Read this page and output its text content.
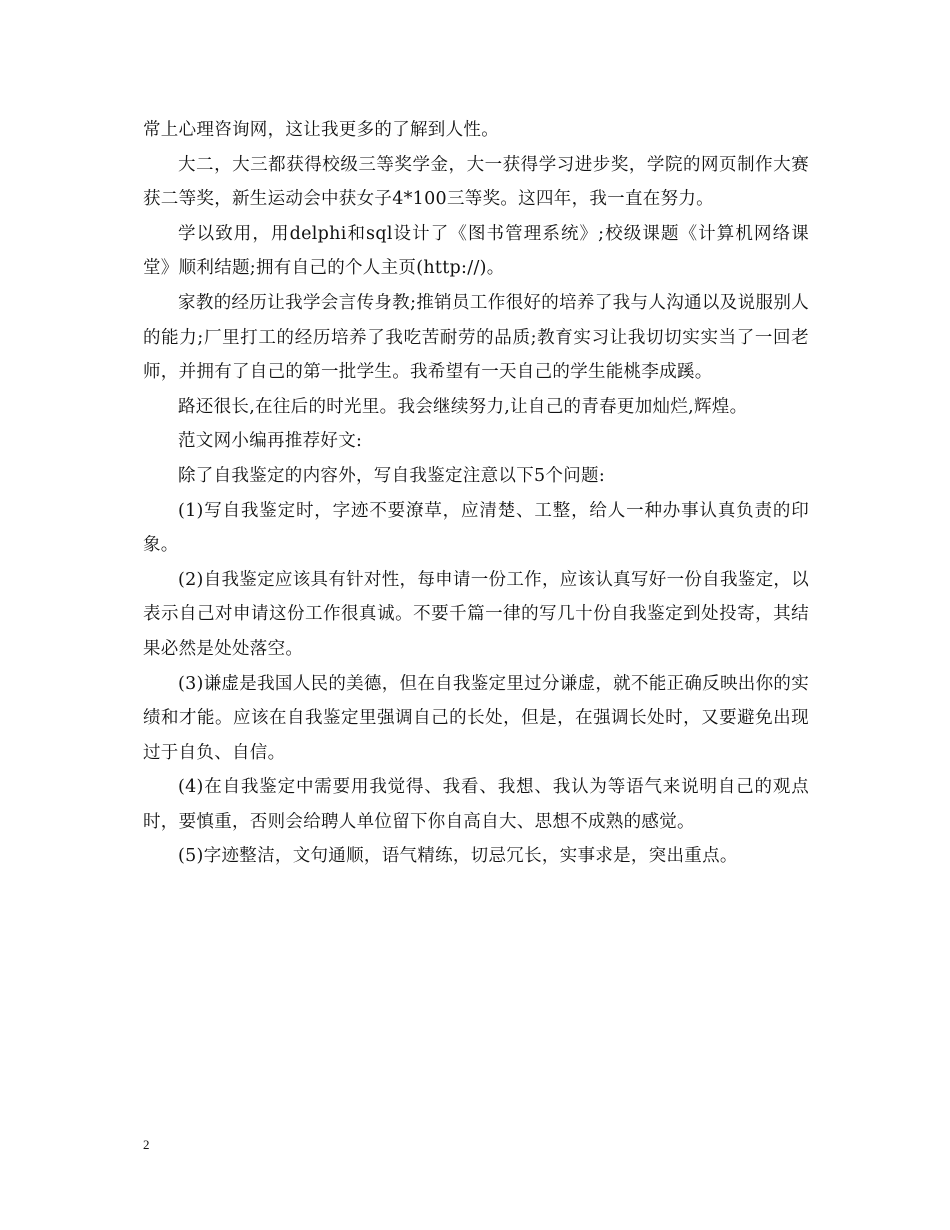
常上心理咨询网，这让我更多的了解到人性。

大二，大三都获得校级三等奖学金，大一获得学习进步奖，学院的网页制作大赛获二等奖，新生运动会中获女子4*100三等奖。这四年，我一直在努力。

学以致用，用delphi和sql设计了《图书管理系统》;校级课题《计算机网络课堂》顺利结题;拥有自己的个人主页(http://)。

家教的经历让我学会言传身教;推销员工作很好的培养了我与人沟通以及说服别人的能力;厂里打工的经历培养了我吃苦耐劳的品质;教育实习让我切切实实当了一回老师，并拥有了自己的第一批学生。我希望有一天自己的学生能桃李成蹊。

路还很长,在往后的时光里。我会继续努力,让自己的青春更加灿烂,辉煌。

范文网小编再推荐好文:

除了自我鉴定的内容外，写自我鉴定注意以下5个问题:

(1)写自我鉴定时，字迹不要潦草，应清楚、工整，给人一种办事认真负责的印象。

(2)自我鉴定应该具有针对性，每申请一份工作，应该认真写好一份自我鉴定，以表示自己对申请这份工作很真诚。不要千篇一律的写几十份自我鉴定到处投寄，其结果必然是处处落空。

(3)谦虚是我国人民的美德，但在自我鉴定里过分谦虚，就不能正确反映出你的实绩和才能。应该在自我鉴定里强调自己的长处，但是，在强调长处时，又要避免出现过于自负、自信。

(4)在自我鉴定中需要用我觉得、我看、我想、我认为等语气来说明自己的观点时，要慎重，否则会给聘人单位留下你自高自大、思想不成熟的感觉。

(5)字迹整洁，文句通顺，语气精练，切忌冗长，实事求是，突出重点。

2
